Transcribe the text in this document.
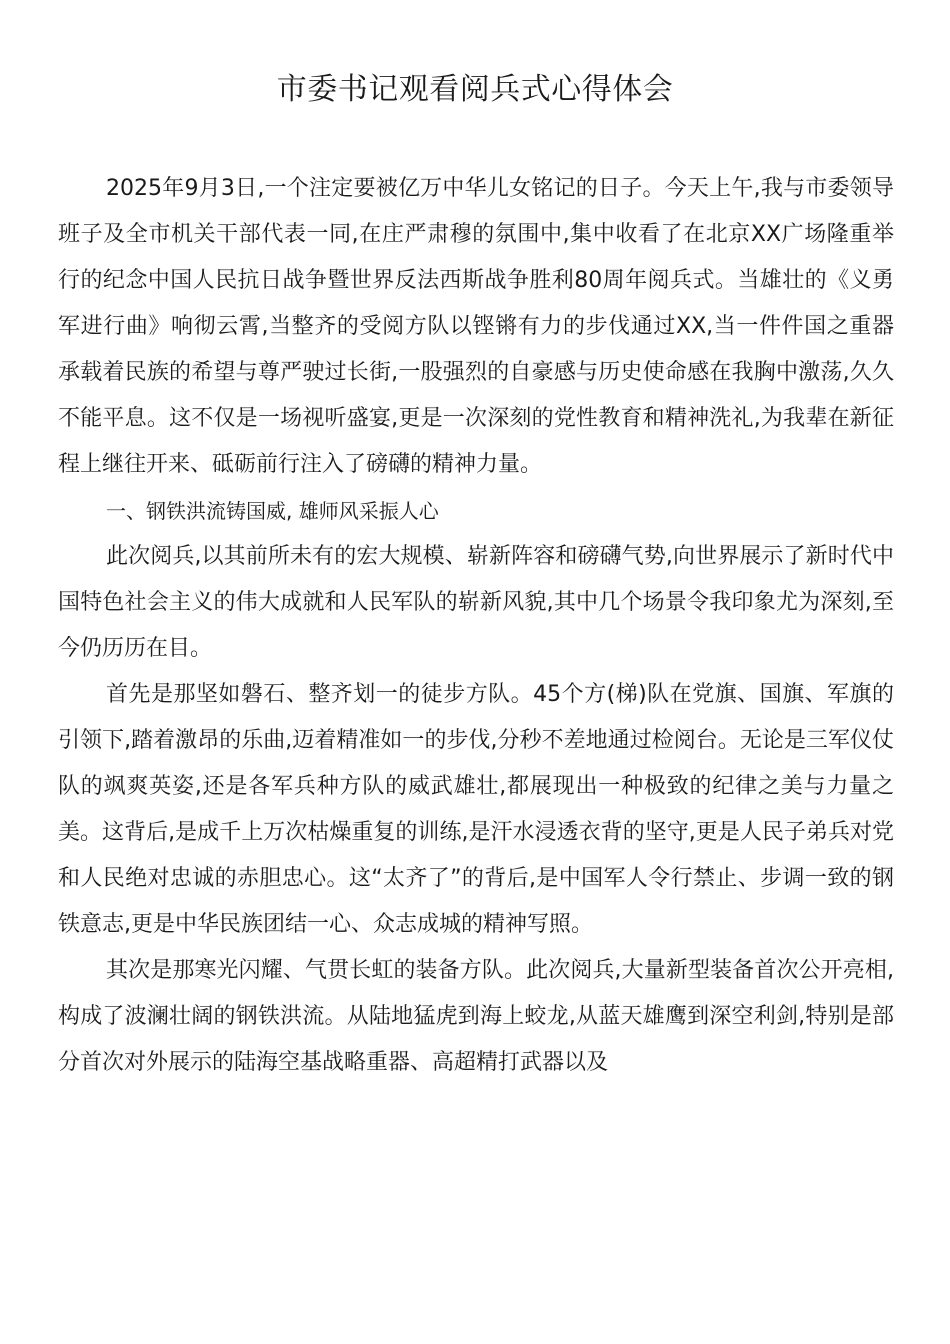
市委书记观看阅兵式心得体会

2025年9月3日,一个注定要被亿万中华儿女铭记的日子。今天上午,我与市委领导班子及全市机关干部代表一同,在庄严肃穆的氛围中,集中收看了在北京XX广场隆重举行的纪念中国人民抗日战争暨世界反法西斯战争胜利80周年阅兵式。当雄壮的《义勇军进行曲》响彻云霄,当整齐的受阅方队以铿锵有力的步伐通过XX,当一件件国之重器承载着民族的希望与尊严驶过长街,一股强烈的自豪感与历史使命感在我胸中激荡,久久不能平息。这不仅是一场视听盛宴,更是一次深刻的党性教育和精神洗礼,为我辈在新征程上继往开来、砥砺前行注入了磅礴的精神力量。

一、钢铁洪流铸国威, 雄师风采振人心

此次阅兵,以其前所未有的宏大规模、崭新阵容和磅礴气势,向世界展示了新时代中国特色社会主义的伟大成就和人民军队的崭新风貌,其中几个场景令我印象尤为深刻,至今仍历历在目。

首先是那坚如磐石、整齐划一的徒步方队。45个方(梯)队在党旗、国旗、军旗的引领下,踏着激昂的乐曲,迈着精准如一的步伐,分秒不差地通过检阅台。无论是三军仪仗队的飒爽英姿,还是各军兵种方队的威武雄壮,都展现出一种极致的纪律之美与力量之美。这背后,是成千上万次枯燥重复的训练,是汗水浸透衣背的坚守,更是人民子弟兵对党和人民绝对忠诚的赤胆忠心。这“太齐了”的背后,是中国军人令行禁止、步调一致的钢铁意志,更是中华民族团结一心、众志成城的精神写照。

其次是那寒光闪耀、气贯长虹的装备方队。此次阅兵,大量新型装备首次公开亮相,构成了波澜壮阔的钢铁洪流。从陆地猛虎到海上蛟龙,从蓝天雄鹰到深空利剑,特别是部分首次对外展示的陆海空基战略重器、高超精打武器以及
